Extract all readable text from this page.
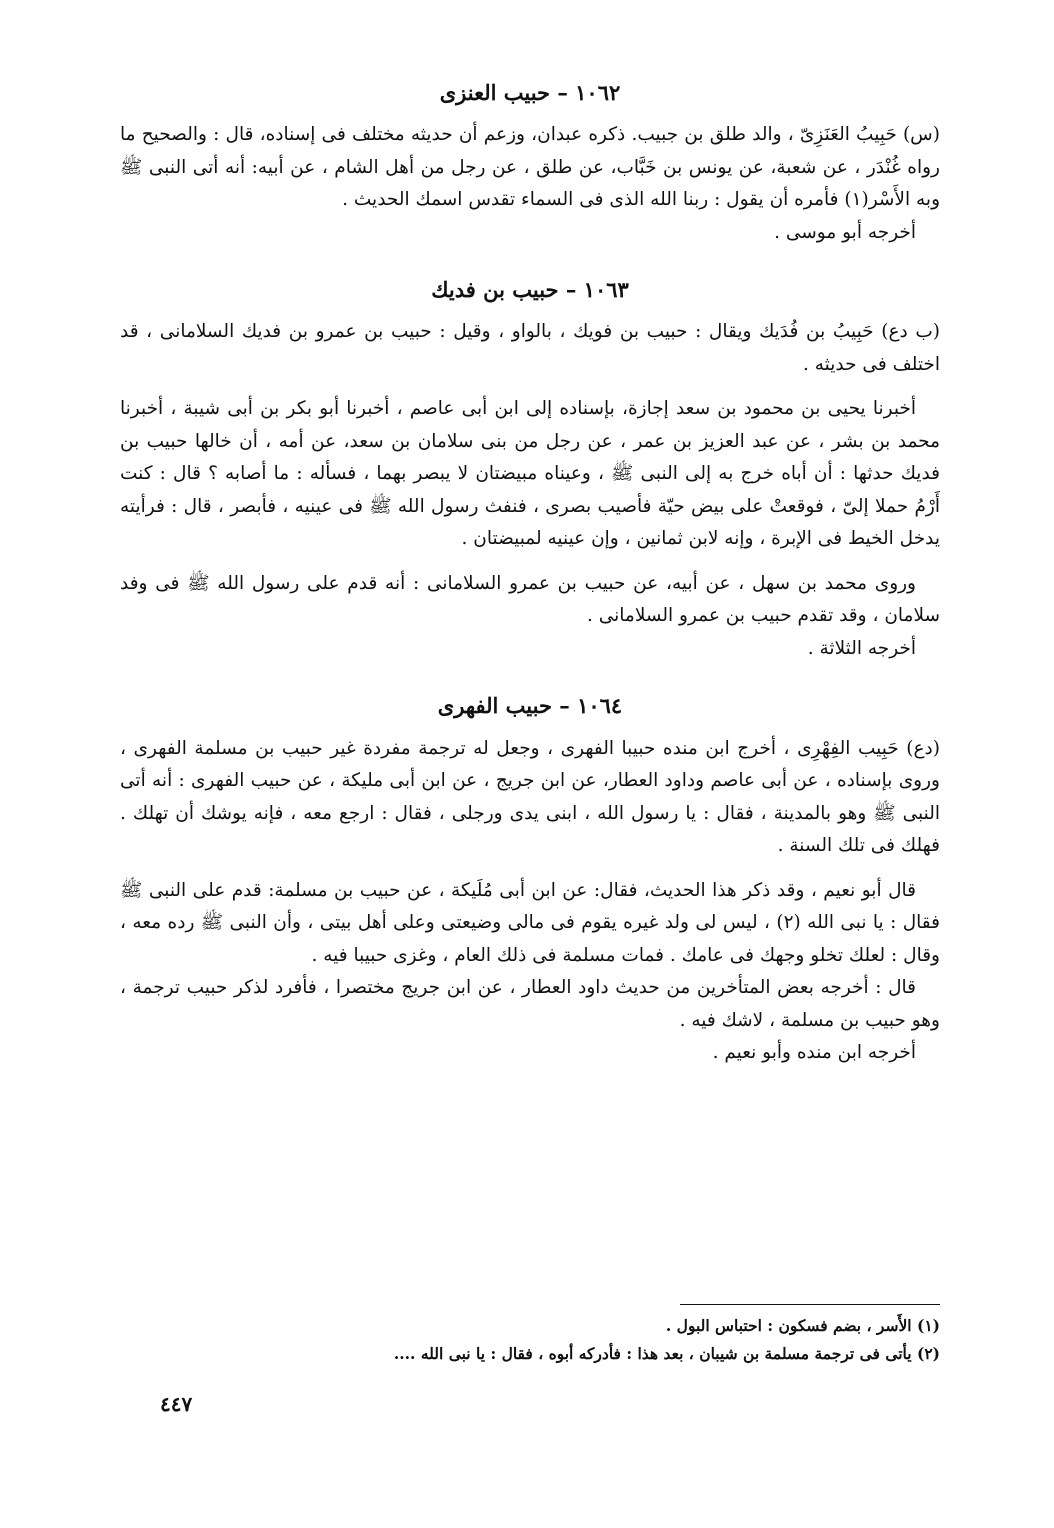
١٠٦٢ – حبيب العنزى

(س) حَبِيبُ العَنَزِىّ ، والد طلق بن جبيب. ذكره عبدان، وزعم أن حديثه مختلف فى إسناده، قال : والصحيح ما رواه غُنْدَر ، عن شعبة، عن يونس بن خَبَّاب، عن طلق ، عن رجل من أهل الشام ، عن أبيه: أنه أتى النبى ﷺ وبه الأَسْر(١) فأمره أن يقول : ربنا الله الذى فى السماء تقدس اسمك الحديث .

أخرجه أبو موسى .

١٠٦٣ – حبيب بن فديك

(ب دع) حَبِيبُ بن فُدَيك ويقال : حبيب بن فويك ، بالواو ، وقيل : حبيب بن عمرو بن فديك السلامانى ، قد اختلف فى حديثه .

أخبرنا يحيى بن محمود بن سعد إجازة، بإسناده إلى ابن أبى عاصم ، أخبرنا أبو بكر بن أبى شيبة ، أخبرنا محمد بن بشر ، عن عبد العزيز بن عمر ، عن رجل من بنى سلامان بن سعد، عن أمه ، أن خالها حبيب بن فديك حدثها : أن أباه خرج به إلى النبى ﷺ ، وعيناه مبيضتان لا يبصر بهما ، فسأله : ما أصابه ؟ قال : كنت أَرْمُ حملا إلىّ ، فوقعتْ على بيض حيّة فأصيب بصرى ، فنفث رسول الله ﷺ فى عينيه ، فأبصر ، قال : فرأيته يدخل الخيط فى الإبرة ، وإنه لابن ثمانين ، وإن عينيه لمبيضتان .

وروى محمد بن سهل ، عن أبيه، عن حبيب بن عمرو السلامانى : أنه قدم على رسول الله ﷺ فى وفد سلامان ، وقد تقدم حبيب بن عمرو السلامانى .

أخرجه الثلاثة .

١٠٦٤ – حبيب الفهرى

(دع) حَبِيب الفِهْرِى ، أخرج ابن منده حبيبا الفهرى ، وجعل له ترجمة مفردة غير حبيب بن مسلمة الفهرى ، وروى بإسناده ، عن أبى عاصم وداود العطار، عن ابن جريج ، عن ابن أبى مليكة ، عن حبيب الفهرى : أنه أتى النبى ﷺ وهو بالمدينة ، فقال : يا رسول الله ، ابنى يدى ورجلى ، فقال : ارجع معه ، فإنه يوشك أن تهلك . فهلك فى تلك السنة .

قال أبو نعيم ، وقد ذكر هذا الحديث، فقال: عن ابن أبى مُلَيكة ، عن حبيب بن مسلمة: قدم على النبى ﷺ فقال : يا نبى الله (٢) ، ليس لى ولد غيره يقوم فى مالى وضيعتى وعلى أهل بيتى ، وأن النبى ﷺ رده معه ، وقال : لعلك تخلو وجهك فى عامك . فمات مسلمة فى ذلك العام ، وغزى حبيبا فيه .

قال : أخرجه بعض المتأخرين من حديث داود العطار ، عن ابن جريج مختصرا ، فأفرد لذكر حبيب ترجمة ، وهو حبيب بن مسلمة ، لاشك فيه .

أخرجه ابن منده وأبو نعيم .

(١) الأَسر ، بضم فسكون : احتباس البول .

(٢) يأتى فى ترجمة مسلمة بن شيبان ، بعد هذا : فأدركه أبوه ، فقال : يا نبى الله ....

٤٤٧
